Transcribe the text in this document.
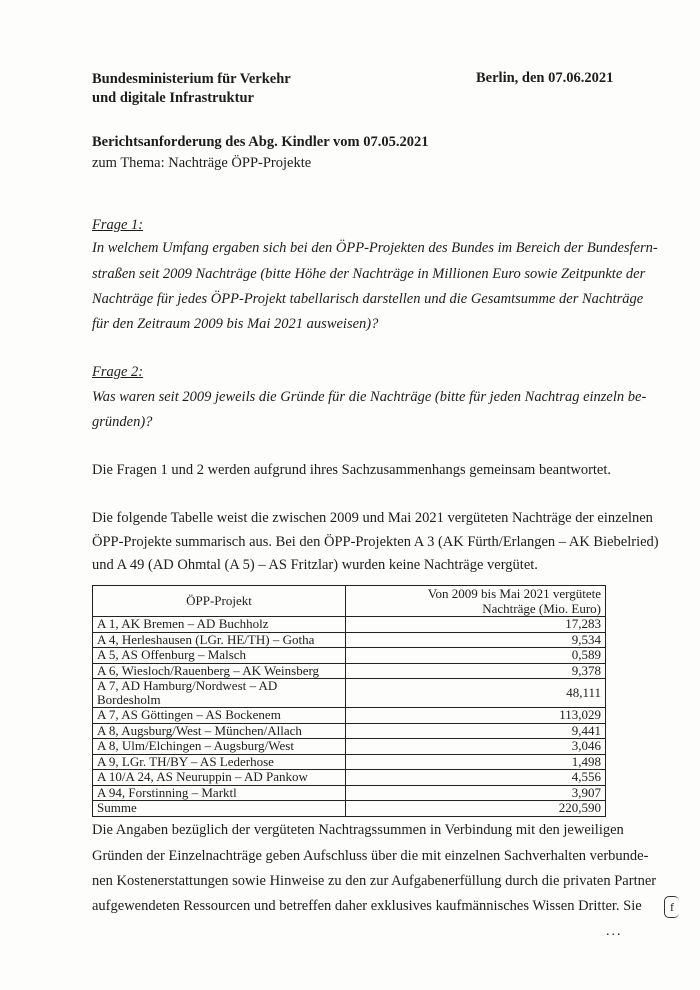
Bundesministerium für Verkehr
und digitale Infrastruktur
Berlin, den 07.06.2021
Berichtsanforderung des Abg. Kindler vom 07.05.2021
zum Thema: Nachträge ÖPP-Projekte
Frage 1:
In welchem Umfang ergaben sich bei den ÖPP-Projekten des Bundes im Bereich der Bundesfern-
straßen seit 2009 Nachträge (bitte Höhe der Nachträge in Millionen Euro sowie Zeitpunkte der
Nachträge für jedes ÖPP-Projekt tabellarisch darstellen und die Gesamtsumme der Nachträge
für den Zeitraum 2009 bis Mai 2021 ausweisen)?
Frage 2:
Was waren seit 2009 jeweils die Gründe für die Nachträge (bitte für jeden Nachtrag einzeln be-
gründen)?
Die Fragen 1 und 2 werden aufgrund ihres Sachzusammenhangs gemeinsam beantwortet.
Die folgende Tabelle weist die zwischen 2009 und Mai 2021 vergüteten Nachträge der einzelnen
ÖPP-Projekte summarisch aus. Bei den ÖPP-Projekten A 3 (AK Fürth/Erlangen – AK Biebelried)
und A 49 (AD Ohmtal (A 5) – AS Fritzlar) wurden keine Nachträge vergütet.
ÖPP-Projekt	Von 2009 bis Mai 2021 vergütete
Nachträge (Mio. Euro)

A 1, AK Bremen – AD Buchholz	17,283
A 4, Herleshausen (LGr. HE/TH) – Gotha	9,534
A 5, AS Offenburg – Malsch	0,589
A 6, Wiesloch/Rauenberg – AK Weinsberg	9,378
A 7, AD Hamburg/Nordwest – AD Bordesholm	48,111
A 7, AS Göttingen – AS Bockenem	113,029
A 8, Augsburg/West – München/Allach	9,441
A 8, Ulm/Elchingen – Augsburg/West	3,046
A 9, LGr. TH/BY – AS Lederhose	1,498
A 10/A 24, AS Neuruppin – AD Pankow	4,556
A 94, Forstinning – Marktl	3,907
Summe	220,590
Die Angaben bezüglich der vergüteten Nachtragssummen in Verbindung mit den jeweiligen
Gründen der Einzelnachträge geben Aufschluss über die mit einzelnen Sachverhalten verbunde-
nen Kostenerstattungen sowie Hinweise zu den zur Aufgabenerfüllung durch die privaten Partner
aufgewendeten Ressourcen und betreffen daher exklusives kaufmännisches Wissen Dritter. Sie f
...
